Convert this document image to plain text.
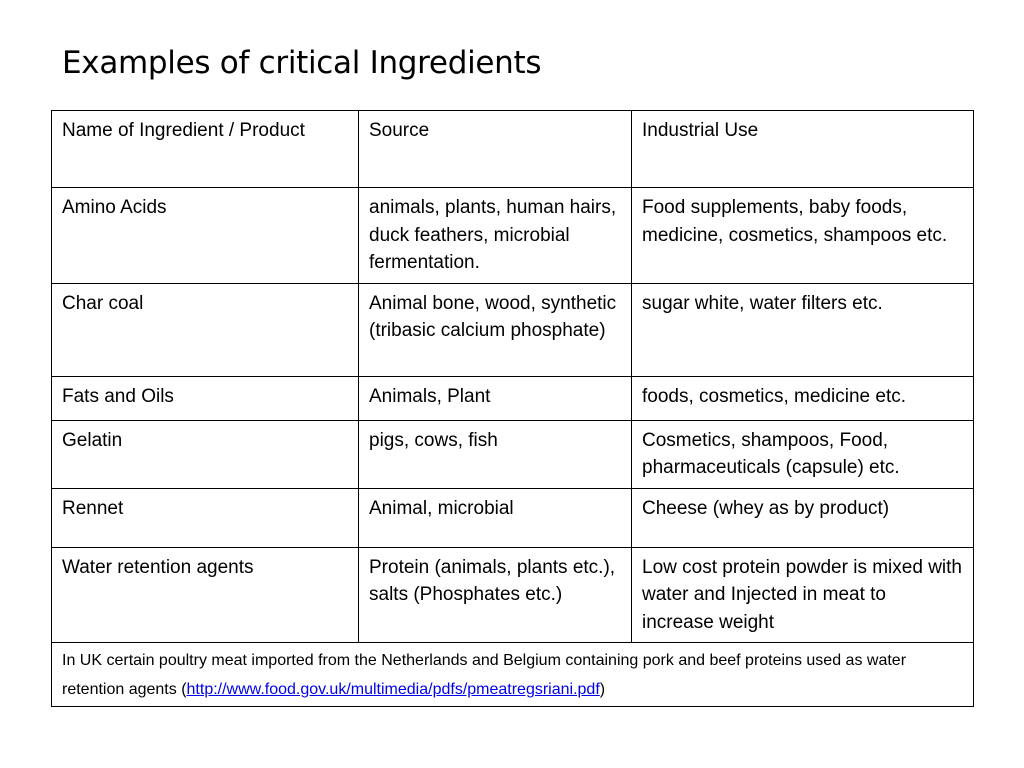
Examples of critical Ingredients
Name of Ingredient / Product	Source	Industrial Use
Amino Acids	animals, plants, human hairs, duck feathers, microbial fermentation.	Food supplements, baby foods, medicine, cosmetics, shampoos etc.
Char coal	Animal bone, wood, synthetic (tribasic calcium phosphate)	sugar white, water filters etc.
Fats and Oils	Animals, Plant	foods, cosmetics, medicine etc.
Gelatin	pigs, cows, fish	Cosmetics, shampoos, Food, pharmaceuticals (capsule) etc.
Rennet	Animal, microbial	Cheese (whey as by product)
Water retention agents	Protein (animals, plants etc.), salts (Phosphates etc.)	Low cost protein powder is mixed with water and Injected in meat to increase weight
In UK certain poultry meat imported from the Netherlands and Belgium containing pork and beef proteins used as water retention agents (http://www.food.gov.uk/multimedia/pdfs/pmeatregsriani.pdf)		
